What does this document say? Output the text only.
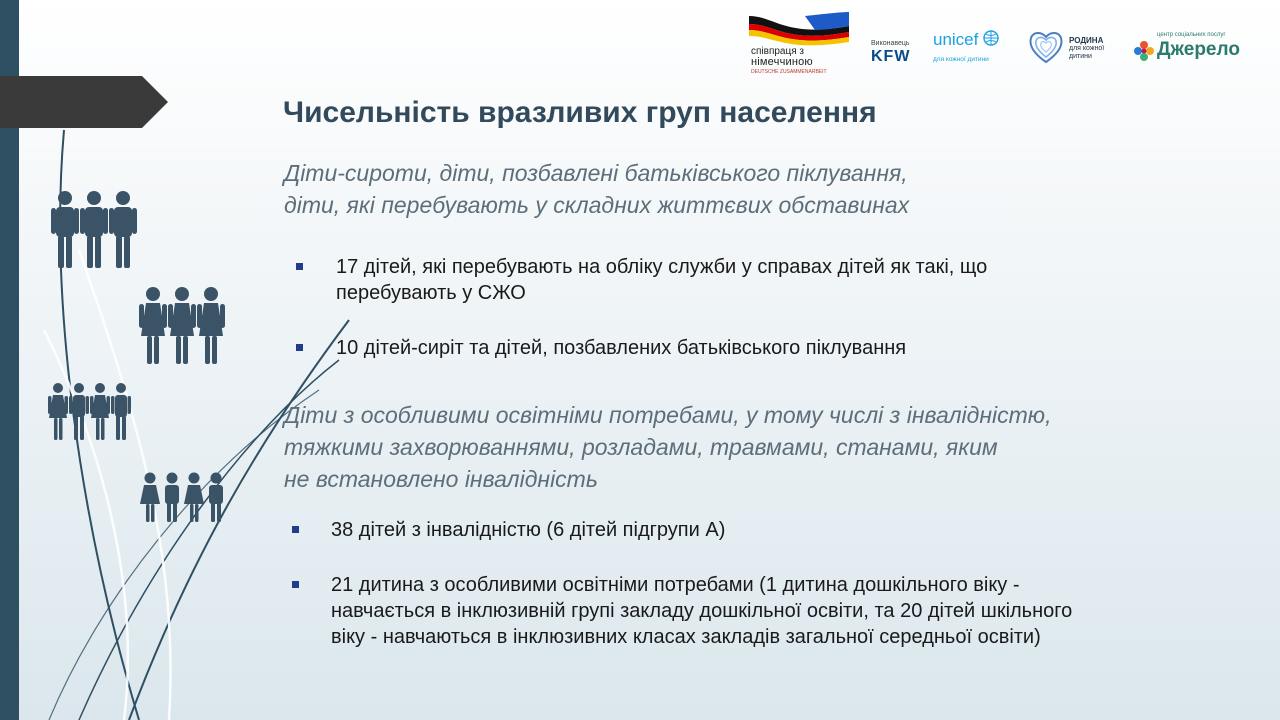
співпраця з
німеччиною
DEUTSCHE ZUSAMMENARBEIT
Виконавець
KFW
unicef
для кожної дитини
РОДИНА
для кожної
дитини
центр соціальних послуг
Джерело
Чисельність вразливих груп населення
Діти-сироти, діти, позбавлені батьківського піклування,
діти, які перебувають у складних життєвих обставинах
17 дітей, які перебувають на обліку служби у справах дітей як такі, що
перебувають у СЖО
10 дітей-сиріт та дітей, позбавлених батьківського піклування
Діти з особливими освітніми потребами, у тому числі з інвалідністю,
тяжкими захворюваннями, розладами, травмами, станами, яким
не встановлено інвалідність
38 дітей з інвалідністю (6 дітей підгрупи А)
21 дитина з особливими освітніми потребами (1 дитина дошкільного віку -
навчається в інклюзивній групі закладу дошкільної освіти, та 20 дітей шкільного
віку - навчаються в інклюзивних класах закладів загальної середньої освіти)
